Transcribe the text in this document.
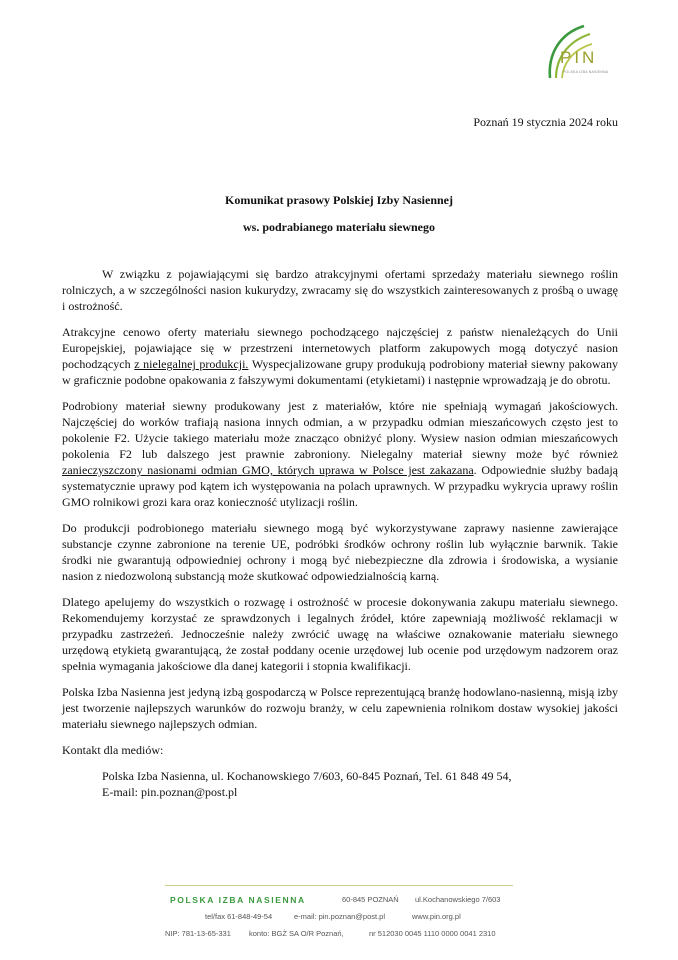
PIN
POLSKA IZBA NASIENNA
Poznań 19 stycznia 2024 roku
Komunikat prasowy Polskiej Izby Nasiennej
ws. podrabianego materiału siewnego

W związku z pojawiającymi się bardzo atrakcyjnymi ofertami sprzedaży materiału siewnego roślin rolniczych, a w szczególności nasion kukurydzy, zwracamy się do wszystkich zainteresowanych z prośbą o uwagę i ostrożność.

Atrakcyjne cenowo oferty materiału siewnego pochodzącego najczęściej z państw nienależących do Unii Europejskiej, pojawiające się w przestrzeni internetowych platform zakupowych mogą dotyczyć nasion pochodzących z nielegalnej produkcji. Wyspecjalizowane grupy produkują podrobiony materiał siewny pakowany w graficznie podobne opakowania z fałszywymi dokumentami (etykietami) i następnie wprowadzają je do obrotu.

Podrobiony materiał siewny produkowany jest z materiałów, które nie spełniają wymagań jakościowych. Najczęściej do worków trafiają nasiona innych odmian, a w przypadku odmian mieszańcowych często jest to pokolenie F2. Użycie takiego materiału może znacząco obniżyć plony. Wysiew nasion odmian mieszańcowych pokolenia F2 lub dalszego jest prawnie zabroniony. Nielegalny materiał siewny może być również zanieczyszczony nasionami odmian GMO, których uprawa w Polsce jest zakazana. Odpowiednie służby badają systematycznie uprawy pod kątem ich występowania na polach uprawnych. W przypadku wykrycia uprawy roślin GMO rolnikowi grozi kara oraz konieczność utylizacji roślin.

Do produkcji podrobionego materiału siewnego mogą być wykorzystywane zaprawy nasienne zawierające substancje czynne zabronione na terenie UE, podróbki środków ochrony roślin lub wyłącznie barwnik. Takie środki nie gwarantują odpowiedniej ochrony i mogą być niebezpieczne dla zdrowia i środowiska, a wysianie nasion z niedozwoloną substancją może skutkować odpowiedzialnością karną.

Dlatego apelujemy do wszystkich o rozwagę i ostrożność w procesie dokonywania zakupu materiału siewnego. Rekomendujemy korzystać ze sprawdzonych i legalnych źródeł, które zapewniają możliwość reklamacji w przypadku zastrzeżeń. Jednocześnie należy zwrócić uwagę na właściwe oznakowanie materiału siewnego urzędową etykietą gwarantującą, że został poddany ocenie urzędowej lub ocenie pod urzędowym nadzorem oraz spełnia wymagania jakościowe dla danej kategorii i stopnia kwalifikacji.

Polska Izba Nasienna jest jedyną izbą gospodarczą w Polsce reprezentującą branżę hodowlano-nasienną, misją izby jest tworzenie najlepszych warunków do rozwoju branży, w celu zapewnienia rolnikom dostaw wysokiej jakości materiału siewnego najlepszych odmian.

Kontakt dla mediów:
Polska Izba Nasienna, ul. Kochanowskiego 7/603, 60-845 Poznań, Tel. 61 848 49 54,
E-mail: pin.poznan@post.pl
POLSKA IZBA NASIENNA	60-845 POZNAŃ ul.Kochanowskiego 7/603
tel/fax 61-848-49-54	e-mail: pin.poznan@post.pl	www.pin.org.pl
NIP: 781-13-65-331 konto: BGŻ SA O/R Poznań,	nr 512030 0045 1110 0000 0041 2310
